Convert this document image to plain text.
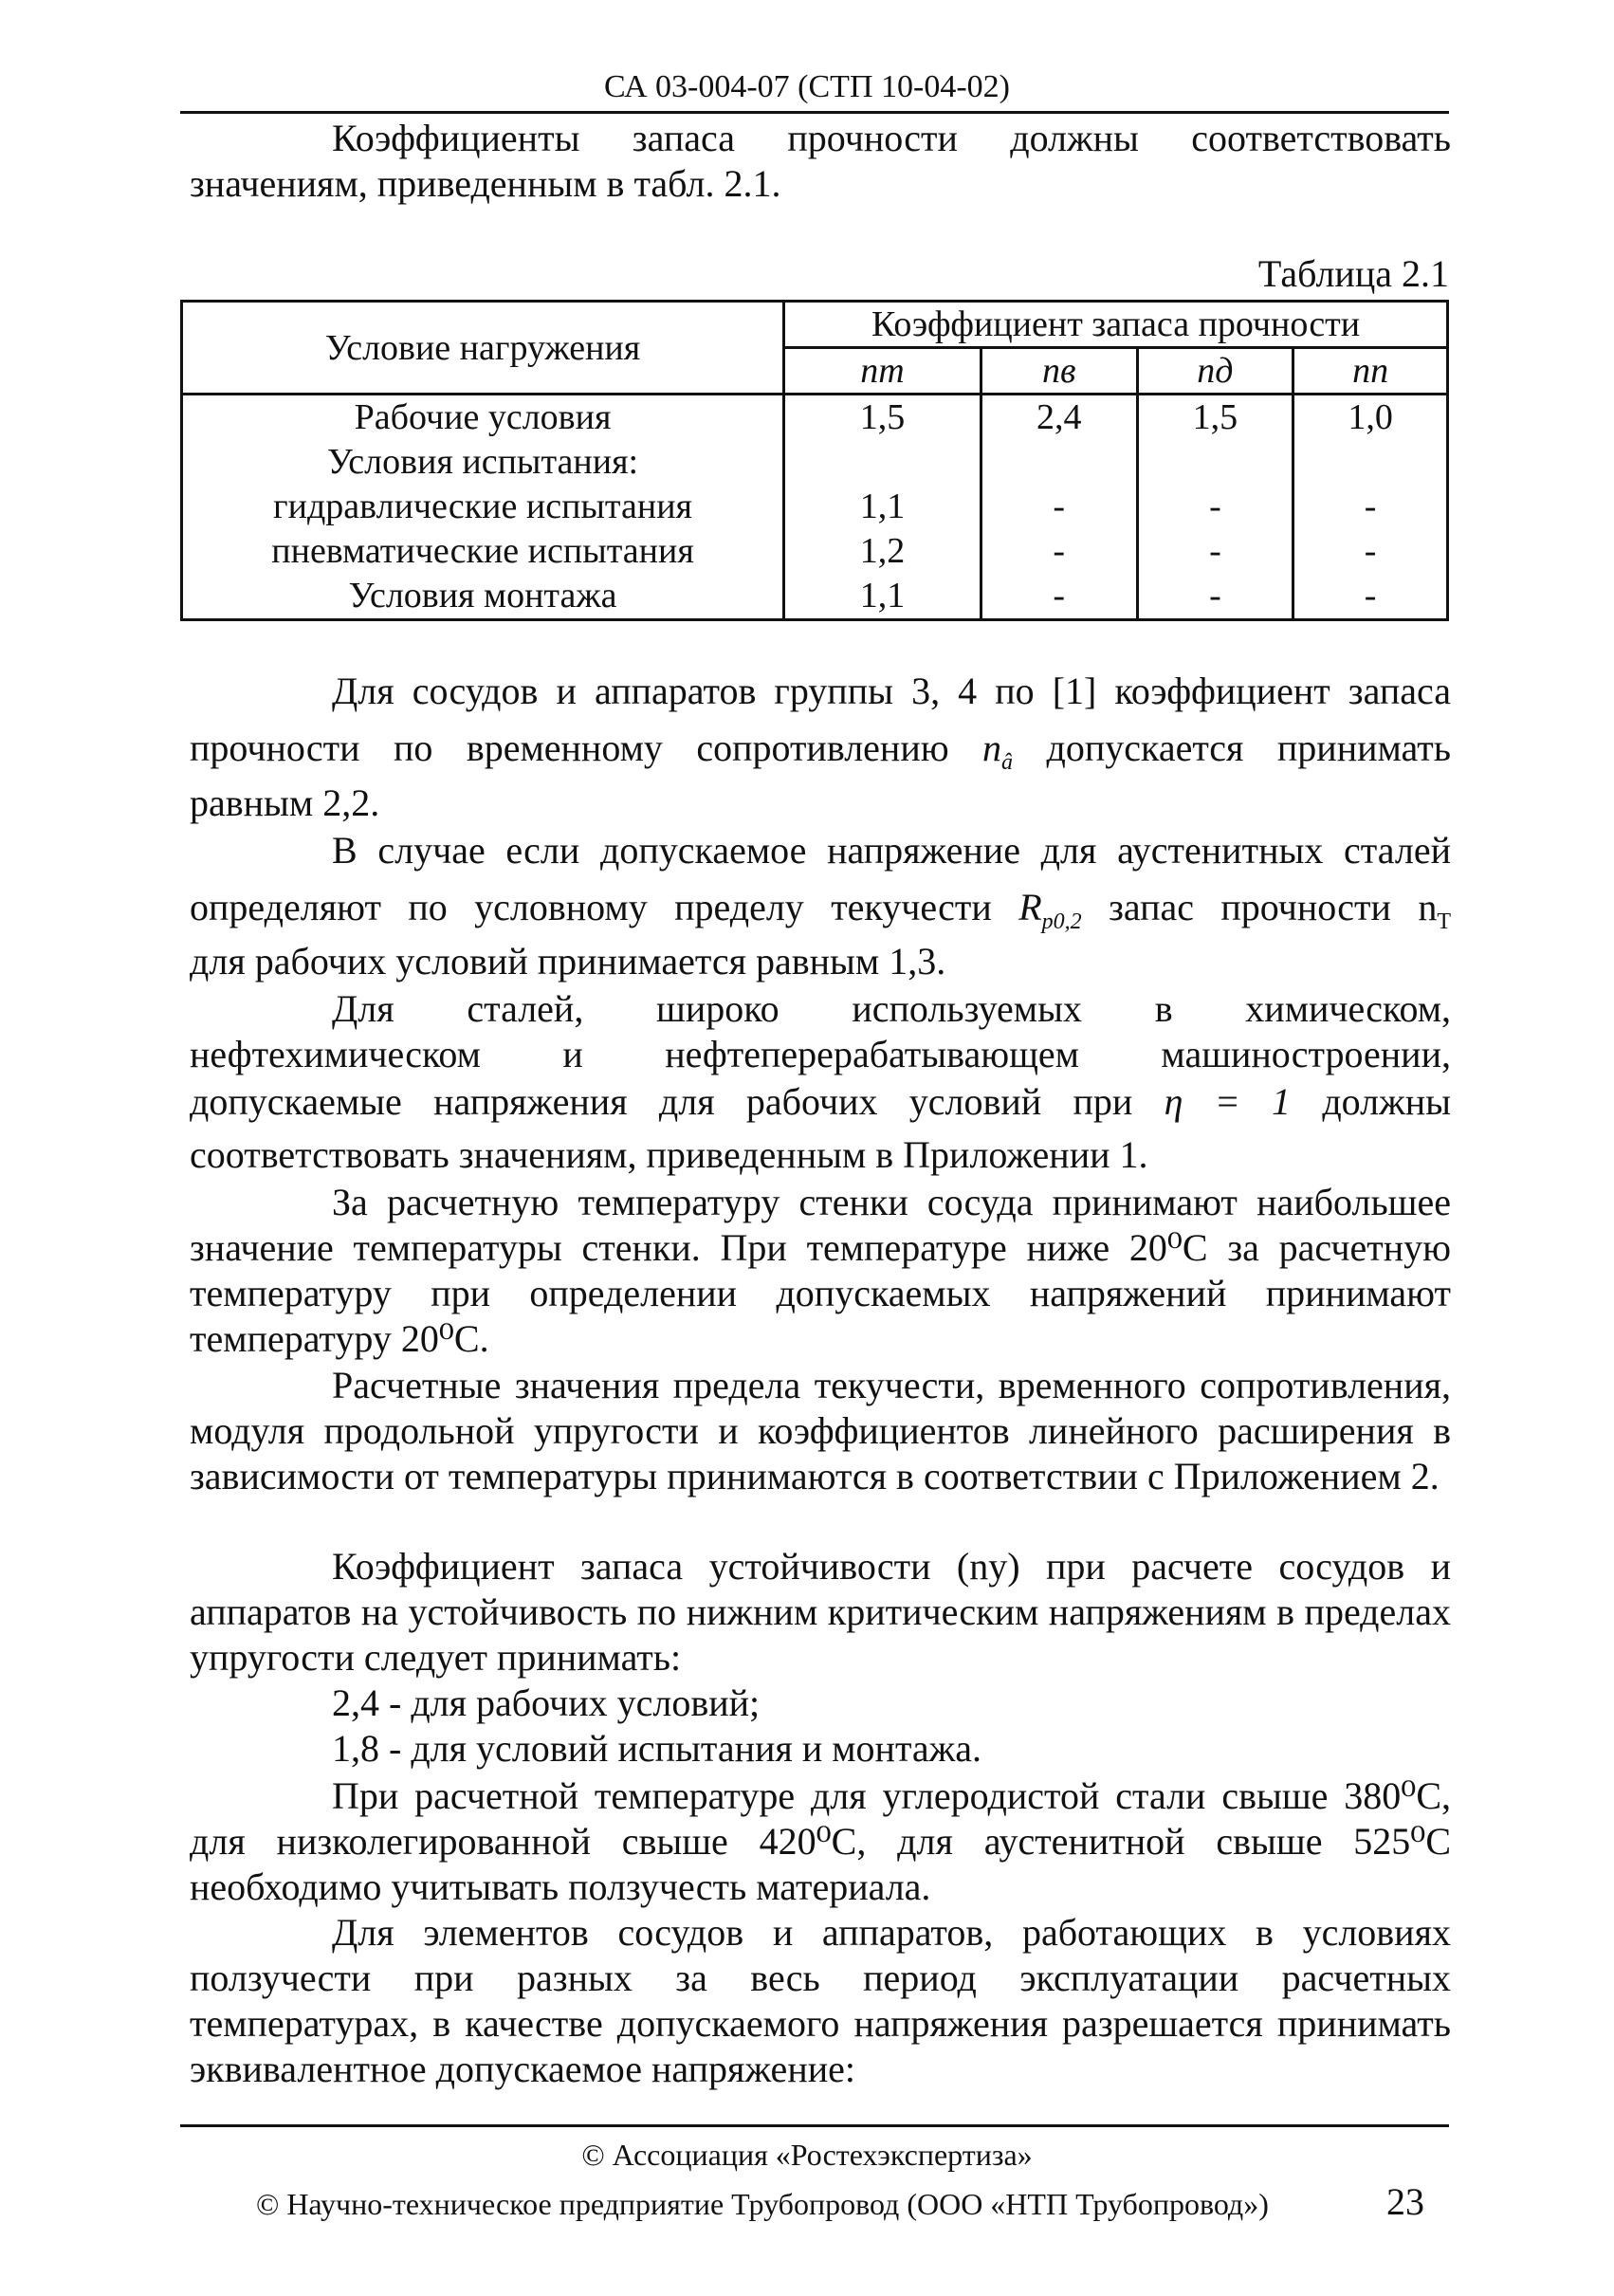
СА 03-004-07 (СТП 10-04-02)

Коэффициенты запаса прочности должны соответствовать

значениям, приведенным в табл. 2.1.

Таблица 2.1
Условие нагружения	Коэффициент запаса прочности			
	nт	nв	nд	nп
Рабочие условия	1,5	2,4	1,5	1,0
Условия испытания:				
гидравлические испытания	1,1	-	-	-
пневматические испытания	1,2	-	-	-
Условия монтажа	1,1	-	-	-

Для сосудов и аппаратов группы 3, 4 по [1] коэффициент запаса

прочности по временному сопротивлению $n_â$ допускается принимать

равным 2,2.

В случае если допускаемое напряжение для аустенитных сталей

определяют по условному пределу текучести $R_{p0,2}$ запас прочности $n_T$

для рабочих условий принимается равным 1,3.

Для сталей, широко используемых в химическом,

нефтехимическом и нефтеперерабатывающем машиностроении,

допускаемые напряжения для рабочих условий при η = 1 должны

соответствовать значениям, приведенным в Приложении 1.

За расчетную температуру стенки сосуда принимают наибольшее значение температуры стенки. При температуре ниже 20⁰С за расчетную температуру при определении допускаемых напряжений принимают температуру 20⁰С.

Расчетные значения предела текучести, временного сопротивления, модуля продольной упругости и коэффициентов линейного расширения в зависимости от температуры принимаются в соответствии с Приложением 2.

Коэффициент запаса устойчивости (nу) при расчете сосудов и аппаратов на устойчивость по нижним критическим напряжениям в пределах упругости следует принимать:

2,4 - для рабочих условий;
1,8 - для условий испытания и монтажа.

При расчетной температуре для углеродистой стали свыше 380⁰С, для низколегированной свыше 420⁰С, для аустенитной свыше 525⁰С необходимо учитывать ползучесть материала.

Для элементов сосудов и аппаратов, работающих в условиях ползучести при разных за весь период эксплуатации расчетных температурах, в качестве допускаемого напряжения разрешается принимать эквивалентное допускаемое напряжение:

© Ассоциация «Ростехэкспертиза»
© Научно-техническое предприятие Трубопровод (ООО «НТП Трубопровод»)	23
